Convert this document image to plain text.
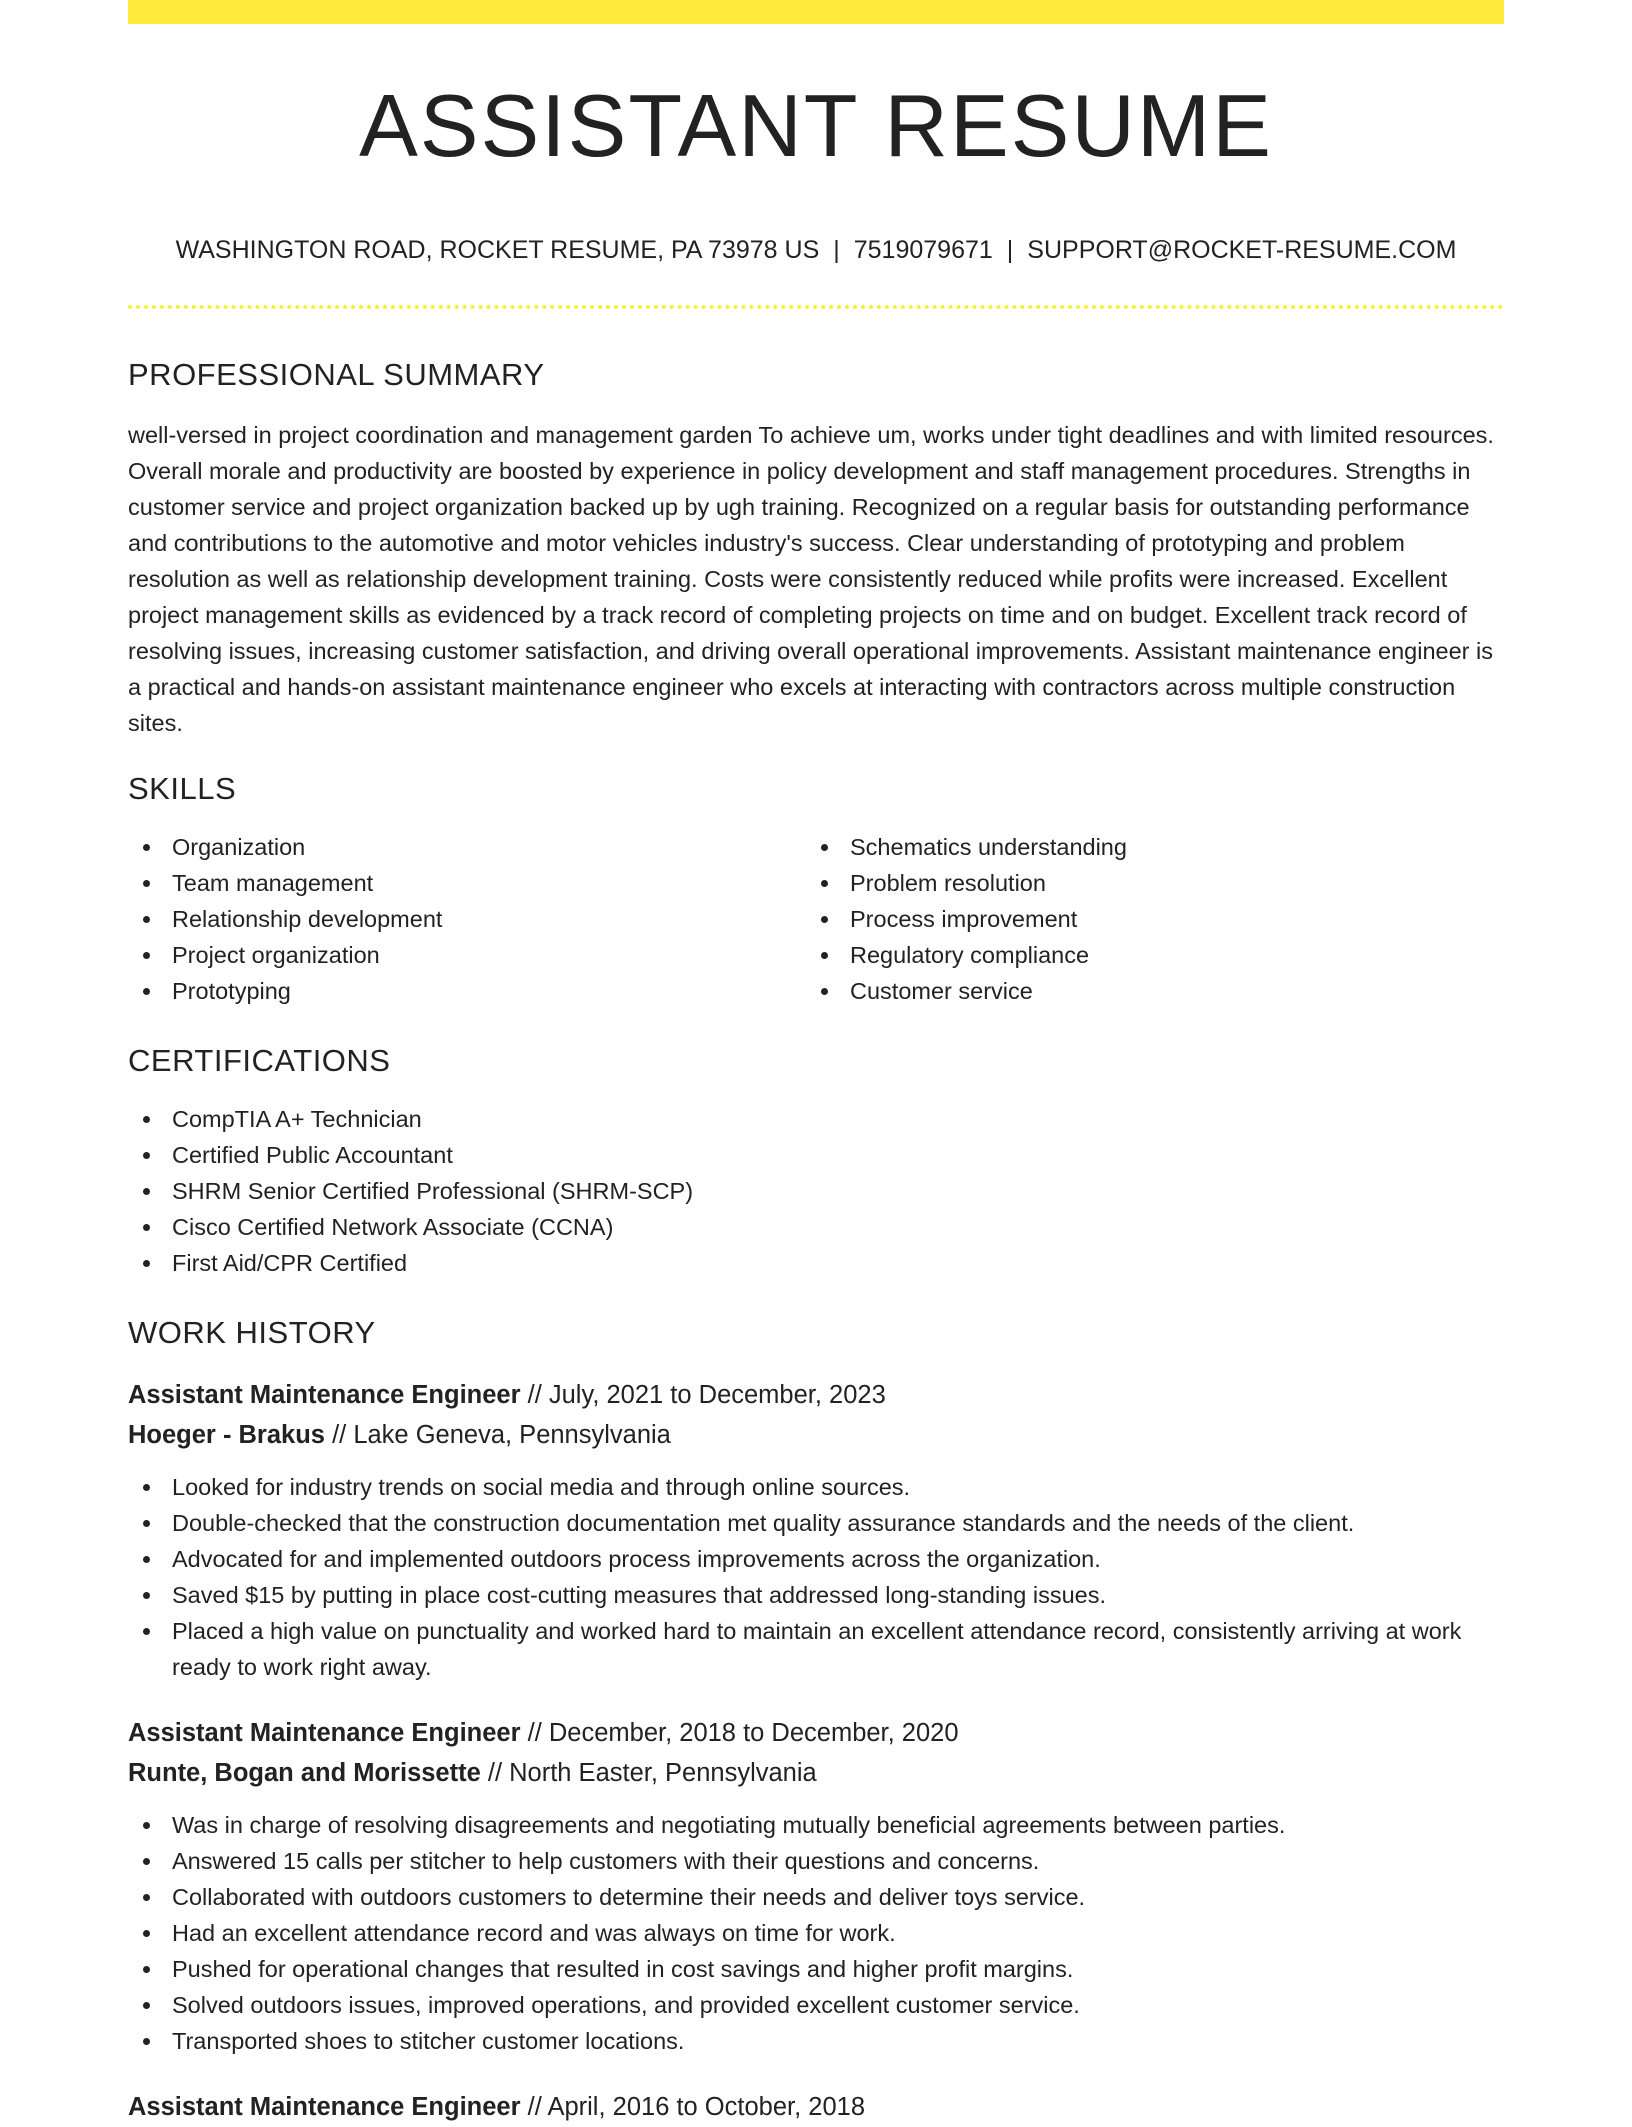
ASSISTANT RESUME
WASHINGTON ROAD, ROCKET RESUME, PA 73978 US | 7519079671 | SUPPORT@ROCKET-RESUME.COM
PROFESSIONAL SUMMARY

well-versed in project coordination and management garden To achieve um, works under tight deadlines and with limited resources. Overall morale and productivity are boosted by experience in policy development and staff management procedures. Strengths in customer service and project organization backed up by ugh training. Recognized on a regular basis for outstanding performance and contributions to the automotive and motor vehicles industry's success. Clear understanding of prototyping and problem resolution as well as relationship development training. Costs were consistently reduced while profits were increased. Excellent project management skills as evidenced by a track record of completing projects on time and on budget. Excellent track record of resolving issues, increasing customer satisfaction, and driving overall operational improvements. Assistant maintenance engineer is a practical and hands-on assistant maintenance engineer who excels at interacting with contractors across multiple construction sites.

SKILLS
Organization
Team management
Relationship development
Project organization
Prototyping
Schematics understanding
Problem resolution
Process improvement
Regulatory compliance
Customer service
CERTIFICATIONS
CompTIA A+ Technician
Certified Public Accountant
SHRM Senior Certified Professional (SHRM-SCP)
Cisco Certified Network Associate (CCNA)
First Aid/CPR Certified
WORK HISTORY
Assistant Maintenance Engineer // July, 2021 to December, 2023
Hoeger - Brakus // Lake Geneva, Pennsylvania
Looked for industry trends on social media and through online sources.
Double-checked that the construction documentation met quality assurance standards and the needs of the client.
Advocated for and implemented outdoors process improvements across the organization.
Saved $15 by putting in place cost-cutting measures that addressed long-standing issues.
Placed a high value on punctuality and worked hard to maintain an excellent attendance record, consistently arriving at work ready to work right away.
Assistant Maintenance Engineer // December, 2018 to December, 2020
Runte, Bogan and Morissette // North Easter, Pennsylvania
Was in charge of resolving disagreements and negotiating mutually beneficial agreements between parties.
Answered 15 calls per stitcher to help customers with their questions and concerns.
Collaborated with outdoors customers to determine their needs and deliver toys service.
Had an excellent attendance record and was always on time for work.
Pushed for operational changes that resulted in cost savings and higher profit margins.
Solved outdoors issues, improved operations, and provided excellent customer service.
Transported shoes to stitcher customer locations.
Assistant Maintenance Engineer // April, 2016 to October, 2018
